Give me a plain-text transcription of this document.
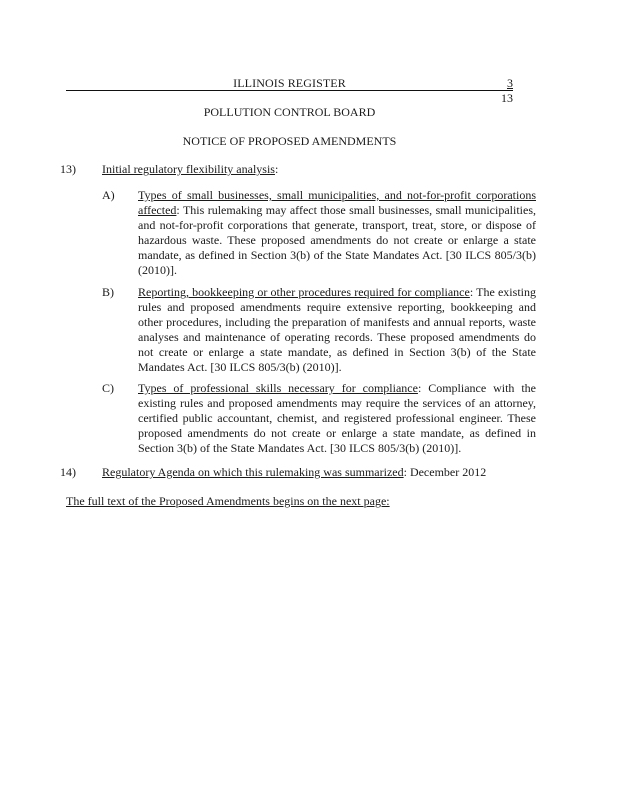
ILLINOIS REGISTER	3
13
POLLUTION CONTROL BOARD
NOTICE OF PROPOSED AMENDMENTS
13) Initial regulatory flexibility analysis:
A) Types of small businesses, small municipalities, and not-for-profit corporations affected: This rulemaking may affect those small businesses, small municipalities, and not-for-profit corporations that generate, transport, treat, store, or dispose of hazardous waste. These proposed amendments do not create or enlarge a state mandate, as defined in Section 3(b) of the State Mandates Act. [30 ILCS 805/3(b) (2010)].
B) Reporting, bookkeeping or other procedures required for compliance: The existing rules and proposed amendments require extensive reporting, bookkeeping and other procedures, including the preparation of manifests and annual reports, waste analyses and maintenance of operating records. These proposed amendments do not create or enlarge a state mandate, as defined in Section 3(b) of the State Mandates Act. [30 ILCS 805/3(b) (2010)].
C) Types of professional skills necessary for compliance: Compliance with the existing rules and proposed amendments may require the services of an attorney, certified public accountant, chemist, and registered professional engineer. These proposed amendments do not create or enlarge a state mandate, as defined in Section 3(b) of the State Mandates Act. [30 ILCS 805/3(b) (2010)].
14) Regulatory Agenda on which this rulemaking was summarized: December 2012
The full text of the Proposed Amendments begins on the next page:
